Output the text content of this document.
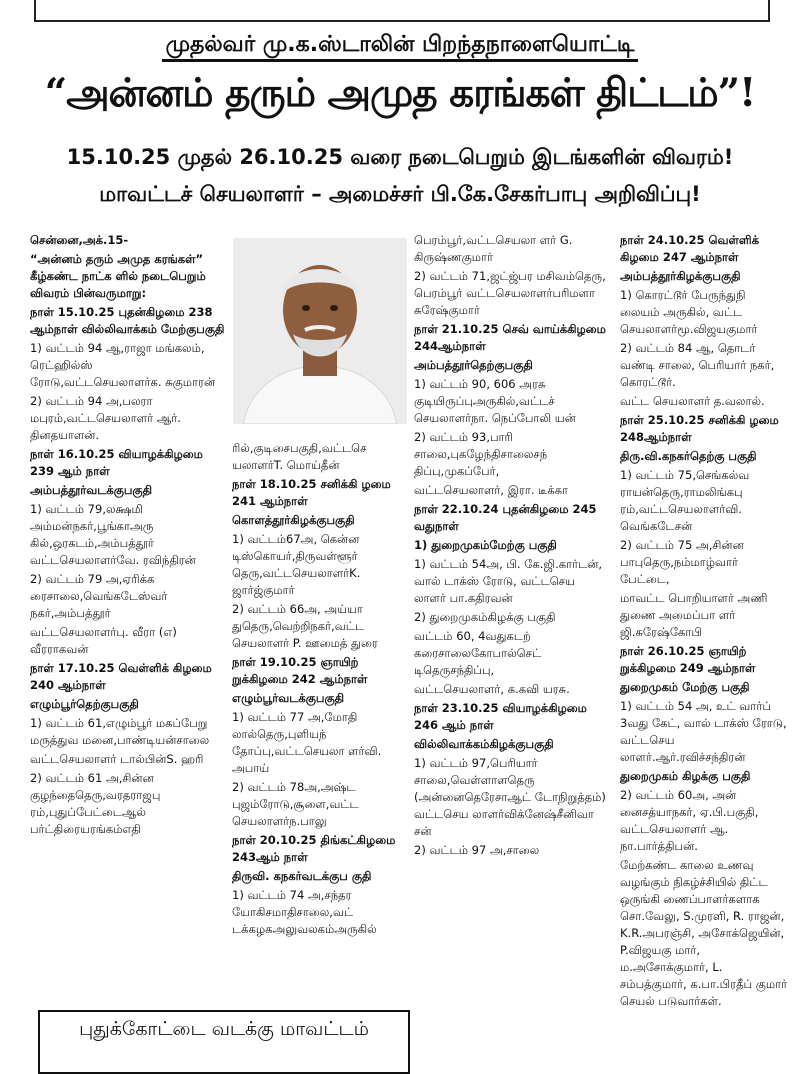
முதல்வர் மு.க.ஸ்டாலின் பிறந்தநாளையொட்டி
“அன்னம் தரும் அமுத கரங்கள் திட்டம்”!
15.10.25 முதல் 26.10.25 வரை நடைபெறும் இடங்களின் விவரம்!
மாவட்டச் செயலாளர் – அமைச்சர் பி.கே.சேகர்பாபு அறிவிப்பு!

சென்னை,அக்.15-

“அன்னம் தரும் அமுத கரங்கள்” கீழ்கண்ட நாட்க ளில் நடைபெறும் விவரம் பின்வருமாறு:

நாள் 15.10.25 புதன்கிழமை 238 ஆம்நாள் வில்லிவாக்கம் மேற்குபகுதி

1) வட்டம் 94 ஆ,ராஜா மங்கலம், ரெட்ஹில்ஸ் ரோடு,வட்டசெயலாளர்க. சுகுமாரன்

2) வட்டம் 94 அ,பலரா மபுரம்,வட்டசெயலாளர் ஆர். தினதயாளன்.

நாள் 16.10.25 வியாழக்கிழமை 239 ஆம் நாள்

அம்பத்தூர்வடக்குபகுதி

1) வட்டம் 79,லக்ஷமி அம்மன்நகர்,பூங்காஅரு கில்,ஒரகடம்,அம்பத்தூர் வட்டசெயலாளர்வே. ரவிந்திரன்

2) வட்டம் 79 அ,ஏரிக்க ரைசாலை,வெங்கடேஸ்வர் நகர்,அம்பத்தூர்

வட்டசெயலாளர்பு. வீரா (எ) வீரராகவன்

நாள் 17.10.25 வெள்ளிக் கிழமை 240 ஆம்நாள்

எழும்பூர்தெற்குபகுதி

1) வட்டம் 61,எழும்பூர் மகப்பேறு மருத்துவ மனை,பாண்டியன்சாலை

வட்டசெயலாளர் டால்பின்S. ஹரி

2) வட்டம் 61 அ,சின்ன குழந்தைதெரு,வரதராஜபு ரம்,புதுப்பேட்டைஆல் பர்ட்திரையரங்கம்எதி

ரில்,குடிசைபகுதி,வட்டசெ யலாளர்T. மொய்தீன்

நாள் 18.10.25 சனிக்கி ழமை 241 ஆம்நாள்

கொளத்தூர்கிழக்குபகுதி

1) வட்டம்67அ, கென்ன டிஸ்கொயர்,திருவள்ளூர் தெரு,வட்டசெயலாளர்K. ஜார்ஜ்குமார்

2) வட்டம் 66அ, அய்யா துதெரு,வெற்றிநகர்,வட்ட செயலாளர் P. ஊமைத் துரை

நாள் 19.10.25 ஞாயிற் றுக்கிழமை 242 ஆம்நாள்

எழும்பூர்வடக்குபகுதி

1) வட்டம் 77 அ,மோதி லால்தெரு,புளியந் தோப்பு,வட்டசெயலா ளர்வி. அபாய்

2) வட்டம் 78அ,அஷ்ட புஜம்ரோடு,சூளை,வட்ட செயலாளர்ந.பாலு

நாள் 20.10.25 திங்கட்கிழமை 243ஆம் நாள்

திருவி. கநகர்வடக்குப குதி

1) வட்டம் 74 அ,சந்தர யோகிசமாதிசாலை,வட் டக்கழகஅலுவலகம்அருகில்

பெரம்பூர்,வட்டசெயலா ளர் G. கிருஷ்ணகுமார்

2) வட்டம் 71,ஜட்ஜ்பர மசிவம்தெரு, பெரம்பூர் வட்டசெயலாளர்பரிமளா சுரேஷ்குமார்

நாள் 21.10.25 செவ் வாய்க்கிழமை 244ஆம்நாள்

அம்பத்தூர்தெற்குபகுதி

1) வட்டம் 90, 606 அரசு குடியிருப்புஅருகில்,வட்டச் செயலாளர்நா. நெப்போலி யன்

2) வட்டம் 93,பாரி சாலை,புகழேந்திசாலைசந் திப்பு,முகப்பேர்,

வட்டசெயலாளர், இரா. டீக்கா

நாள் 22.10.24 புதன்கிழமை 245 வதுநாள்

1) துறைமுகம்மேற்கு பகுதி

1) வட்டம் 54அ, பி. கே.ஜி.கார்டன், வால் டாக்ஸ் ரோடு, வட்டசெய லாளர் பா.கதிரவன்

2) துறைமுகம்கிழக்கு பகுதி

வட்டம் 60, 4வதுகடற் கரைசாலைகோபால்செட் டிதெருசந்திப்பு,

வட்டசெயலாளர், க.கவி யரசு.

நாள் 23.10.25 வியாழக்கிழமை 246 ஆம் நாள்

வில்லிவாக்கம்கிழக்குபகுதி

1) வட்டம் 97,பெரியார் சாலை,வெள்ளாளதெரு (அன்னைதெரேசாஆட் டோநிறுத்தம்) வட்டசெய லாளர்விக்னேஷ்சீனிவா சன்

2) வட்டம் 97 அ,சாலை

நாள் 24.10.25 வெள்ளிக் கிழமை 247 ஆம்நாள்

அம்பத்தூர்கிழக்குபகுதி

1) கொரட்டூர் பேருந்துநி லையம் அருகில், வட்ட செயலாளர்மூ.விஜயகுமார்

2) வட்டம் 84 ஆ, தொடர் வண்டி சாலை, பெரியார் நகர், கொரட்டூர்.

வட்ட செயலாளர் த.வலால்.

நாள் 25.10.25 சனிக்கி ழமை 248ஆம்நாள்

திரு.வி.கநகர்தெற்கு பகுதி

1) வட்டம் 75,செங்கல்வ ராயன்தெரு,ராமலிங்கபு ரம்,வட்டசெயலாளர்வி. வெங்கடேசன்

2) வட்டம் 75 அ,சின்ன பாபுதெரு,நம்மாழ்வார் பேட்டை,

மாவட்ட பொறியாளர் அணி துணை அமைப்பா ளர் ஜி.சுரேஷ்கோபி

நாள் 26.10.25 ஞாயிற் றுக்கிழமை 249 ஆம்நாள்

துறைமுகம் மேற்கு பகுதி

1) வட்டம் 54 அ, உட் வார்ப் 3வது கேட், வால் டாக்ஸ் ரோடு, வட்டசெய லாளர்.ஆர்.ரவிச்சந்திரன்

துறைமுகம் கிழக்கு பகுதி

2) வட்டம் 60அ, அன் னைசத்யாநகர், ஏ.பி.பகுதி, வட்டசெயலாளர் ஆ. நா.பார்த்திபன்.

மேற்கண்ட காலை உணவு வழங்கும் நிகழ்ச்சியில் திட்ட ஒருங்கி ணைப்பாளர்களாக சொ.வேலு, S.முரளி, R. ராஜன், K.R.அபரஞ்சி, அசோக்ஜெயின், P.விஜயகு மார், ம.அசோக்குமார், L. சம்பத்குமார், க.பா.பிரதீப் குமார் செயல் படுவார்கள்.

புதுக்கோட்டை வடக்கு மாவட்டம்
